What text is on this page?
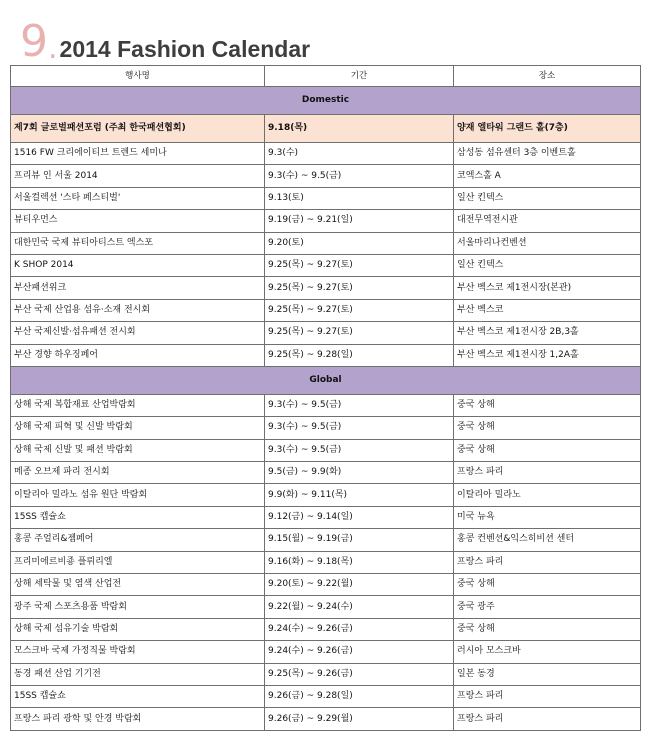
9 . 2014 Fashion Calendar
행사명	기간	장소
Domestic		
제7회 글로벌패션포럼 (주최 한국패션협회)	9.18(목)	양재 엘타워 그랜드 홀(7층)
1516 FW 크리에이티브 트렌드 세미나	9.3(수)	삼성동 섬유센터 3층 이벤트홀
프리뷰 인 서울 2014	9.3(수) ~ 9.5(금)	코엑스홀 A
서울컬렉션 '스타 페스티벌'	9.13(토)	일산 킨텍스
뷰티우먼스	9.19(금) ~ 9.21(일)	대전무역전시관
대한민국 국제 뷰티아티스트 엑스포	9.20(토)	서울마리나컨벤션
K SHOP 2014	9.25(목) ~ 9.27(토)	일산 킨텍스
부산패션위크	9.25(목) ~ 9.27(토)	부산 벡스코 제1전시장(본관)
부산 국제 산업용 섬유·소재 전시회	9.25(목) ~ 9.27(토)	부산 벡스코
부산 국제신발·섬유패션 전시회	9.25(목) ~ 9.27(토)	부산 벡스코 제1전시장 2B,3홀
부산 경향 하우징페어	9.25(목) ~ 9.28(일)	부산 벡스코 제1전시장 1,2A홀
Global		
상해 국제 복합재료 산업박람회	9.3(수) ~ 9.5(금)	중국 상해
상해 국제 피혁 및 신발 박람회	9.3(수) ~ 9.5(금)	중국 상해
상해 국제 신발 및 패션 박람회	9.3(수) ~ 9.5(금)	중국 상해
메종 오브제 파리 전시회	9.5(금) ~ 9.9(화)	프랑스 파리
이탈리아 밀라노 섬유 원단 박람회	9.9(화) ~ 9.11(목)	이탈리아 밀라노
15SS 캡슐쇼	9.12(금) ~ 9.14(일)	미국 뉴욕
홍콩 주얼리&젬페어	9.15(월) ~ 9.19(금)	홍콩 컨벤션&익스히비션 센터
프리미에르비죵 플뤼리엘	9.16(화) ~ 9.18(목)	프랑스 파리
상해 세탁물 및 염색 산업전	9.20(토) ~ 9.22(월)	중국 상해
광주 국제 스포츠용품 박람회	9.22(월) ~ 9.24(수)	중국 광주
상해 국제 섬유기술 박람회	9.24(수) ~ 9.26(금)	중국 상해
모스크바 국제 가정직물 박람회	9.24(수) ~ 9.26(금)	러시아 모스크바
동경 패션 산업 기기전	9.25(목) ~ 9.26(금)	일본 동경
15SS 캡슐쇼	9.26(금) ~ 9.28(일)	프랑스 파리
프랑스 파리 광학 및 안경 박람회	9.26(금) ~ 9.29(월)	프랑스 파리
